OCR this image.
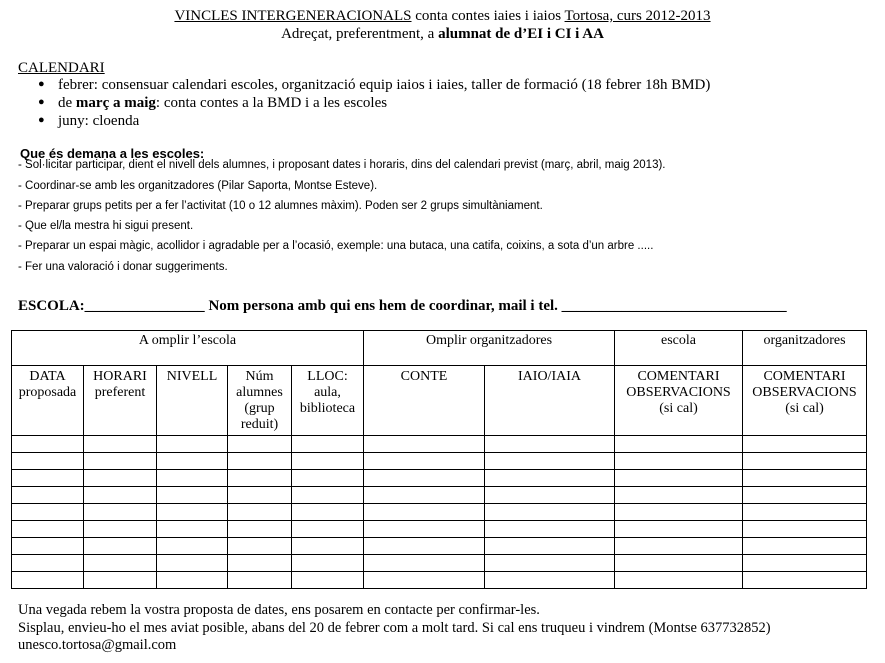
VINCLES INTERGENERACIONALS conta contes iaies i iaios Tortosa, curs 2012-2013
Adreçat, preferentment, a alumnat de d’EI i CI i AA
CALENDARI
● febrer: consensuar calendari escoles, organització equip iaios i iaies, taller de formació (18 febrer 18h BMD)
● de març a maig: conta contes a la BMD i a les escoles
● juny: cloenda
Que és demana a les escoles:
- Sol·licitar participar, dient el nivell dels alumnes, i proposant dates i horaris, dins del calendari previst (març, abril, maig 2013).
- Coordinar-se amb les organitzadores (Pilar Saporta, Montse Esteve).
- Preparar grups petits per a fer l’activitat (10 o 12 alumnes màxim). Poden ser 2 grups simultàniament.
- Que el/la mestra hi sigui present.
- Preparar un espai màgic, acollidor i agradable per a l’ocasió, exemple: una butaca, una catifa, coixins, a sota d’un arbre .....
- Fer una valoració i donar suggeriments.
ESCOLA:________________ Nom persona amb qui ens hem de coordinar, mail i tel. ______________________________
A omplir l’escola					Omplir organitzadores		escola	organitzadores
DATA
proposada	HORARI
preferent	NIVELL	Núm
alumnes
(grup
reduit)	LLOC:
aula,
biblioteca	CONTE	IAIO/IAIA	COMENTARI
OBSERVACIONS
(si cal)	COMENTARI
OBSERVACIONS
(si cal)

Una vegada rebem la vostra proposta de dates, ens posarem en contacte per confirmar-les.
Sisplau, envieu-ho el mes aviat posible, abans del 20 de febrer com a molt tard. Si cal ens truqueu i vindrem (Montse 637732852)
unesco.tortosa@gmail.com
